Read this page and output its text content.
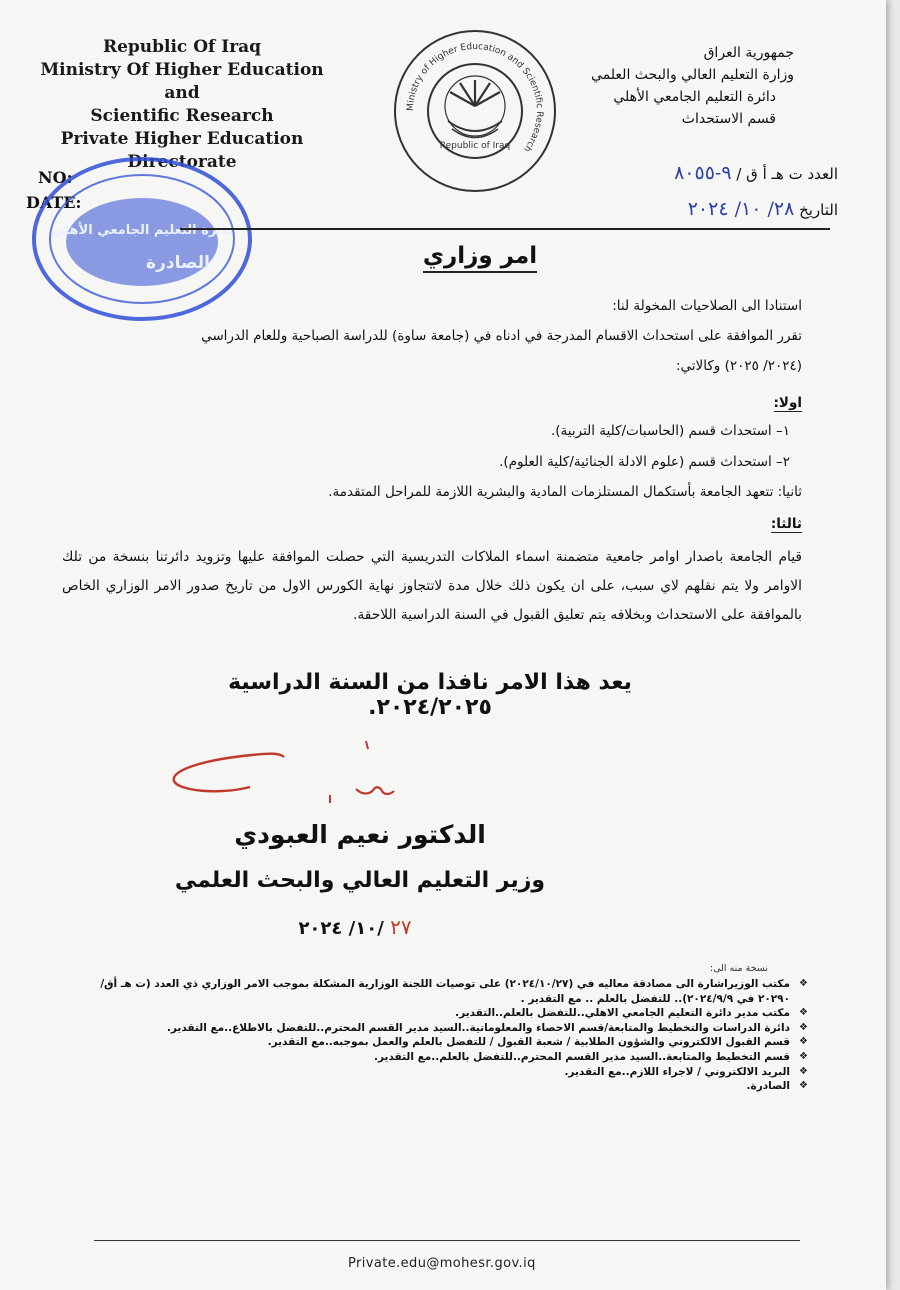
Republic Of Iraq
Ministry Of Higher Education and
Scientific Research
Private Higher Education
Directorate
NO:
DATE:
Ministry of Higher Education and Scientific Research
Republic of Iraq
دائرة التعليم الجامعي الأهلي
الصادرة
جمهورية العراق
وزارة التعليم العالي والبحث العلمي
دائرة التعليم الجامعي الأهلي
قسم الاستحداث
العدد ت هـ أ ق / ٩-٨٠٥٥
التاريخ ٢٨/ ١٠/ ٢٠٢٤
امر وزاري
استنادا الى الصلاحيات المخولة لنا:
تقرر الموافقة على استحداث الاقسام المدرجة في ادناه في (جامعة ساوة) للدراسة الصباحية وللعام الدراسي
(٢٠٢٤/ ٢٠٢٥) وكالاتي:
اولا:
١– استحداث قسم (الحاسبات/كلية التربية).
٢– استحداث قسم (علوم الادلة الجنائية/كلية العلوم).
ثانيا: تتعهد الجامعة بأستكمال المستلزمات المادية والبشرية اللازمة للمراحل المتقدمة.
ثالثا:
قيام الجامعة باصدار اوامر جامعية متضمنة اسماء الملاكات التدريسية التي حصلت الموافقة عليها وتزويد دائرتنا بنسخة من تلك الاوامر ولا يتم نقلهم لاي سبب، على ان يكون ذلك خلال مدة لاتتجاوز نهاية الكورس الاول من تاريخ صدور الامر الوزاري الخاص بالموافقة على الاستحداث وبخلافه يتم تعليق القبول في السنة الدراسية اللاحقة.
يعد هذا الامر نافذا من السنة الدراسية ٢٠٢٤/٢٠٢٥.
الدكتور نعيم العبودي
وزير التعليم العالي والبحث العلمي
٢٧ /١٠/ ٢٠٢٤
نسخة منه الى:
❖ مكتب الوزيراشارة الى مصادقة معاليه في (٢٠٢٤/١٠/٢٧) على توصيات اللجنة الوزارية المشكلة بموجب الامر الوزاري ذي العدد (ت هـ أق/ ٢٠٢٩٠ في ٢٠٢٤/٩/٩).. للتفضل بالعلم .. مع التقدير .
❖ مكتب مدير دائرة التعليم الجامعي الاهلي..للتفضل بالعلم..التقدير.
❖ دائرة الدراسات والتخطيط والمتابعة/قسم الاحصاء والمعلوماتية..السيد مدير القسم المحترم..للتفضل بالاطلاع..مع التقدير.
❖ قسم القبول الالكتروني والشؤون الطلابية / شعبة القبول / للتفضل بالعلم والعمل بموجبه..مع التقدير.
❖ قسم التخطيط والمتابعة..السيد مدير القسم المحترم..للتفضل بالعلم..مع التقدير.
❖ البريد الالكتروني / لاجراء اللازم..مع التقدير.
❖ الصادرة.
Private.edu@mohesr.gov.iq
